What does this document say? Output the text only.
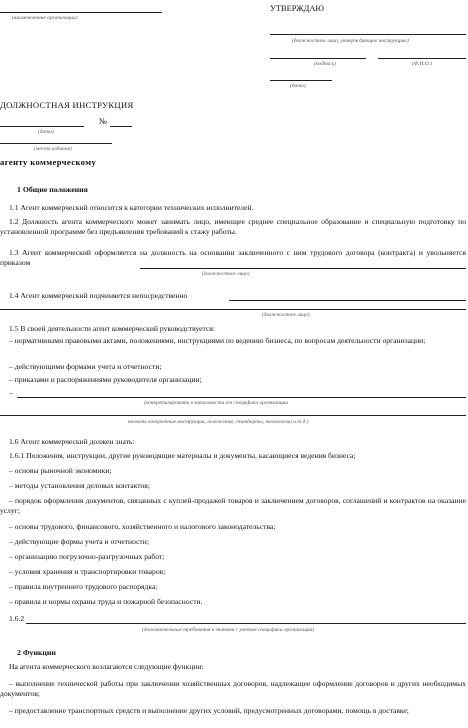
(наименование организации)
УТВЕРЖДАЮ
(должностное лицо, утверждающее инструкцию)
(подпись)	(Ф.И.О.)
(дата)
ДОЛЖНОСТНАЯ ИНСТРУКЦИЯ
№
(дата)
(место издания)
агенту коммерческому
1 Общие положения
1.1 Агент коммерческий относится к категории технических исполнителей.
1.2 Должность агента коммерческого может занимать лицо, имеющее среднее специальное образование и специальную подготовку по установленной программе без предъявления требований к стажу работы.
1.3 Агент коммерческий оформляется на должность на основании заключенного с ним трудового договора (контракта) и увольняется приказом
(должностное лицо)
1.4 Агент коммерческий подчиняется непосредственно
(должностное лицо)
1.5 В своей деятельности агент коммерческий руководствуется:
– нормативными правовыми актами, положениями, инструкциями по ведению бизнеса, по вопросам деятельности организации;
– действующими формами учета и отчетности;
– приказами и распоряжениями руководителя организации;
–
(конкретизировать в зависимости от специфики организации
назвать конкретные инструкции, положения, стандарты, технологии и т.д.)
1.6 Агент коммерческий должен знать:
1.6.1 Положения, инструкции, другие руководящие материалы и документы, касающиеся ведения бизнеса;
– основы рыночной экономики;
– методы установления деловых контактов;
– порядок оформления документов, связанных с куплей-продажей товаров и заключением договоров, соглашений и контрактов на оказание услуг;
– основы трудового, финансового, хозяйственного и налогового законодательства;
– действующие формы учета и отчетности;
– организацию погрузочно-разгрузочных работ;
– условия хранения и транспортировки товаров;
– правила внутреннего трудового распорядка;
– правила и нормы охраны труда и пожарной безопасности.
1.6.2
(дополнительные требования к знаниям с учетом специфики организации)
2 Функции
На агента коммерческого возлагаются следующие функции:
– выполнение технической работы при заключении хозяйственных договоров, надлежащее оформление договоров и других необходимых документов;
– предоставление транспортных средств и выполнение других условий, предусмотренных договорами, помощь в доставке;
